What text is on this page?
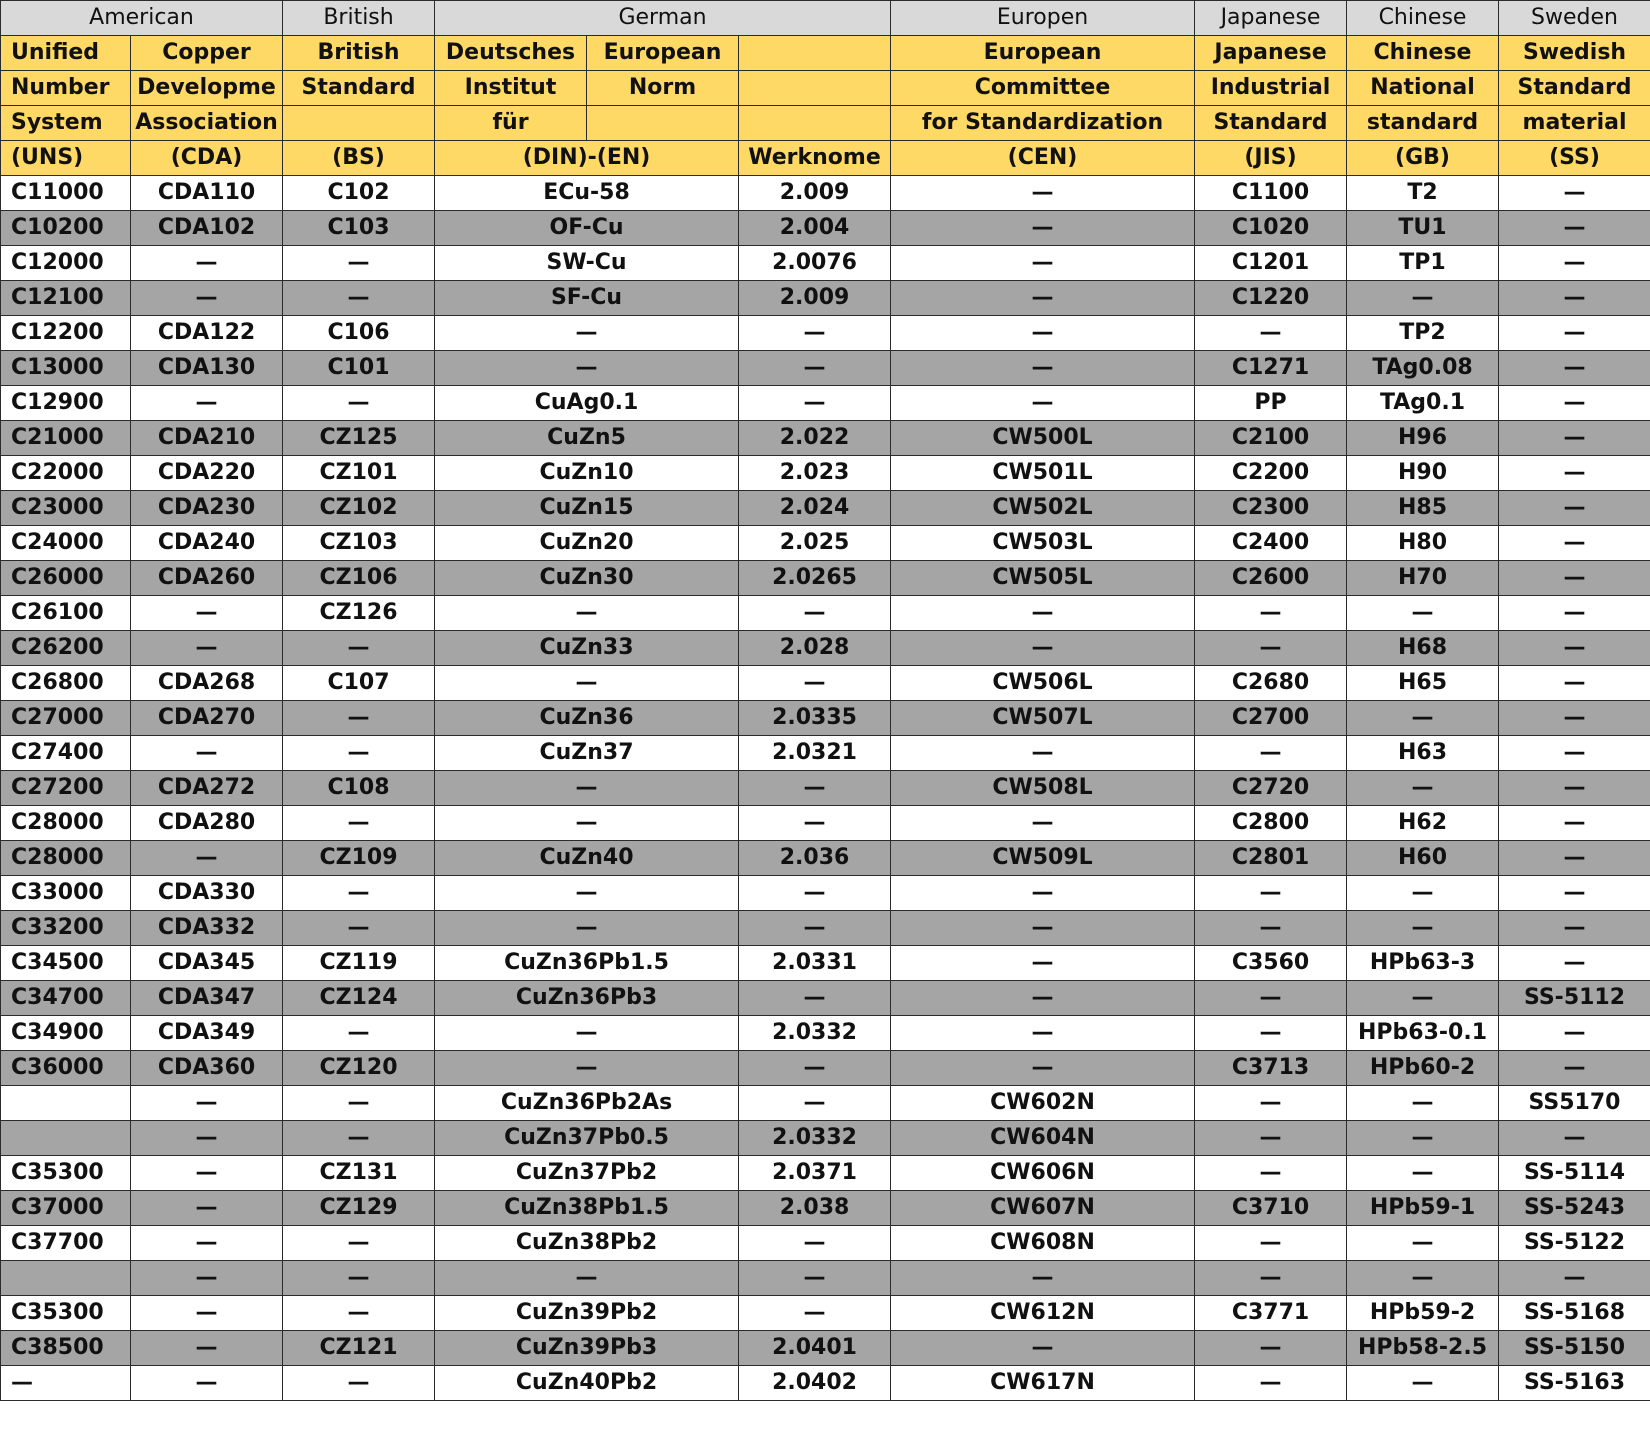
American		British	German			Europen	Japanese	Chinese	Sweden
Unified	Copper	British	Deutsches	European		European	Japanese	Chinese	Swedish
Number	Developme	Standard	Institut	Norm		Committee	Industrial	National	Standard
System	Association		für			for Standardization	Standard	standard	material
(UNS)	(CDA)	(BS)	(DIN)-(EN)		Werknome	(CEN)	(JIS)	(GB)	(SS)
C11000	CDA110	C102	ECu-58		2.009	—	C1100	T2	—
C10200	CDA102	C103	OF-Cu		2.004	—	C1020	TU1	—
C12000	—	—	SW-Cu		2.0076	—	C1201	TP1	—
C12100	—	—	SF-Cu		2.009	—	C1220	—	—
C12200	CDA122	C106	—		—	—	—	TP2	—
C13000	CDA130	C101	—		—	—	C1271	TAg0.08	—
C12900	—	—	CuAg0.1		—	—	PP	TAg0.1	—
C21000	CDA210	CZ125	CuZn5		2.022	CW500L	C2100	H96	—
C22000	CDA220	CZ101	CuZn10		2.023	CW501L	C2200	H90	—
C23000	CDA230	CZ102	CuZn15		2.024	CW502L	C2300	H85	—
C24000	CDA240	CZ103	CuZn20		2.025	CW503L	C2400	H80	—
C26000	CDA260	CZ106	CuZn30		2.0265	CW505L	C2600	H70	—
C26100	—	CZ126	—		—	—	—	—	—
C26200	—	—	CuZn33		2.028	—	—	H68	—
C26800	CDA268	C107	—		—	CW506L	C2680	H65	—
C27000	CDA270	—	CuZn36		2.0335	CW507L	C2700	—	—
C27400	—	—	CuZn37		2.0321	—	—	H63	—
C27200	CDA272	C108	—		—	CW508L	C2720	—	—
C28000	CDA280	—	—		—	—	C2800	H62	—
C28000	—	CZ109	CuZn40		2.036	CW509L	C2801	H60	—
C33000	CDA330	—	—		—	—	—	—	—
C33200	CDA332	—	—		—	—	—	—	—
C34500	CDA345	CZ119	CuZn36Pb1.5		2.0331	—	C3560	HPb63-3	—
C34700	CDA347	CZ124	CuZn36Pb3		—	—	—	—	SS-5112
C34900	CDA349	—	—		2.0332	—	—	HPb63-0.1	—
C36000	CDA360	CZ120	—		—	—	C3713	HPb60-2	—
	—	—	CuZn36Pb2As		—	CW602N	—	—	SS5170
	—	—	CuZn37Pb0.5		2.0332	CW604N	—	—	—
C35300	—	CZ131	CuZn37Pb2		2.0371	CW606N	—	—	SS-5114
C37000	—	CZ129	CuZn38Pb1.5		2.038	CW607N	C3710	HPb59-1	SS-5243
C37700	—	—	CuZn38Pb2		—	CW608N	—	—	SS-5122
	—	—	—		—	—	—	—	—
C35300	—	—	CuZn39Pb2		—	CW612N	C3771	HPb59-2	SS-5168
C38500	—	CZ121	CuZn39Pb3		2.0401	—	—	HPb58-2.5	SS-5150
—	—	—	CuZn40Pb2		2.0402	CW617N	—	—	SS-5163
